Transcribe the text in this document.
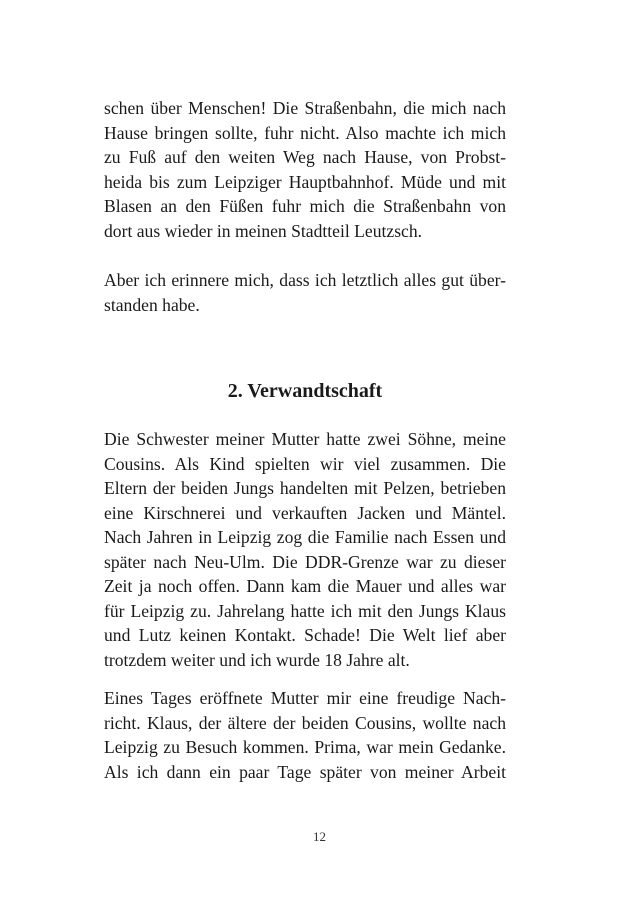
schen über Menschen! Die Straßenbahn, die mich nach
Hause bringen sollte, fuhr nicht. Also machte ich mich
zu Fuß auf den weiten Weg nach Hause, von Probst-
heida bis zum Leipziger Hauptbahnhof. Müde und mit
Blasen an den Füßen fuhr mich die Straßenbahn von
dort aus wieder in meinen Stadtteil Leutzsch.

Aber ich erinnere mich, dass ich letztlich alles gut über-
standen habe.

2. Verwandtschaft

Die Schwester meiner Mutter hatte zwei Söhne, meine
Cousins. Als Kind spielten wir viel zusammen. Die
Eltern der beiden Jungs handelten mit Pelzen, betrieben
eine Kirschnerei und verkauften Jacken und Mäntel.
Nach Jahren in Leipzig zog die Familie nach Essen und
später nach Neu-Ulm. Die DDR-Grenze war zu dieser
Zeit ja noch offen. Dann kam die Mauer und alles war
für Leipzig zu. Jahrelang hatte ich mit den Jungs Klaus
und Lutz keinen Kontakt. Schade! Die Welt lief aber
trotzdem weiter und ich wurde 18 Jahre alt.

Eines Tages eröffnete Mutter mir eine freudige Nach-
richt. Klaus, der ältere der beiden Cousins, wollte nach
Leipzig zu Besuch kommen. Prima, war mein Gedanke.
Als ich dann ein paar Tage später von meiner Arbeit

12
